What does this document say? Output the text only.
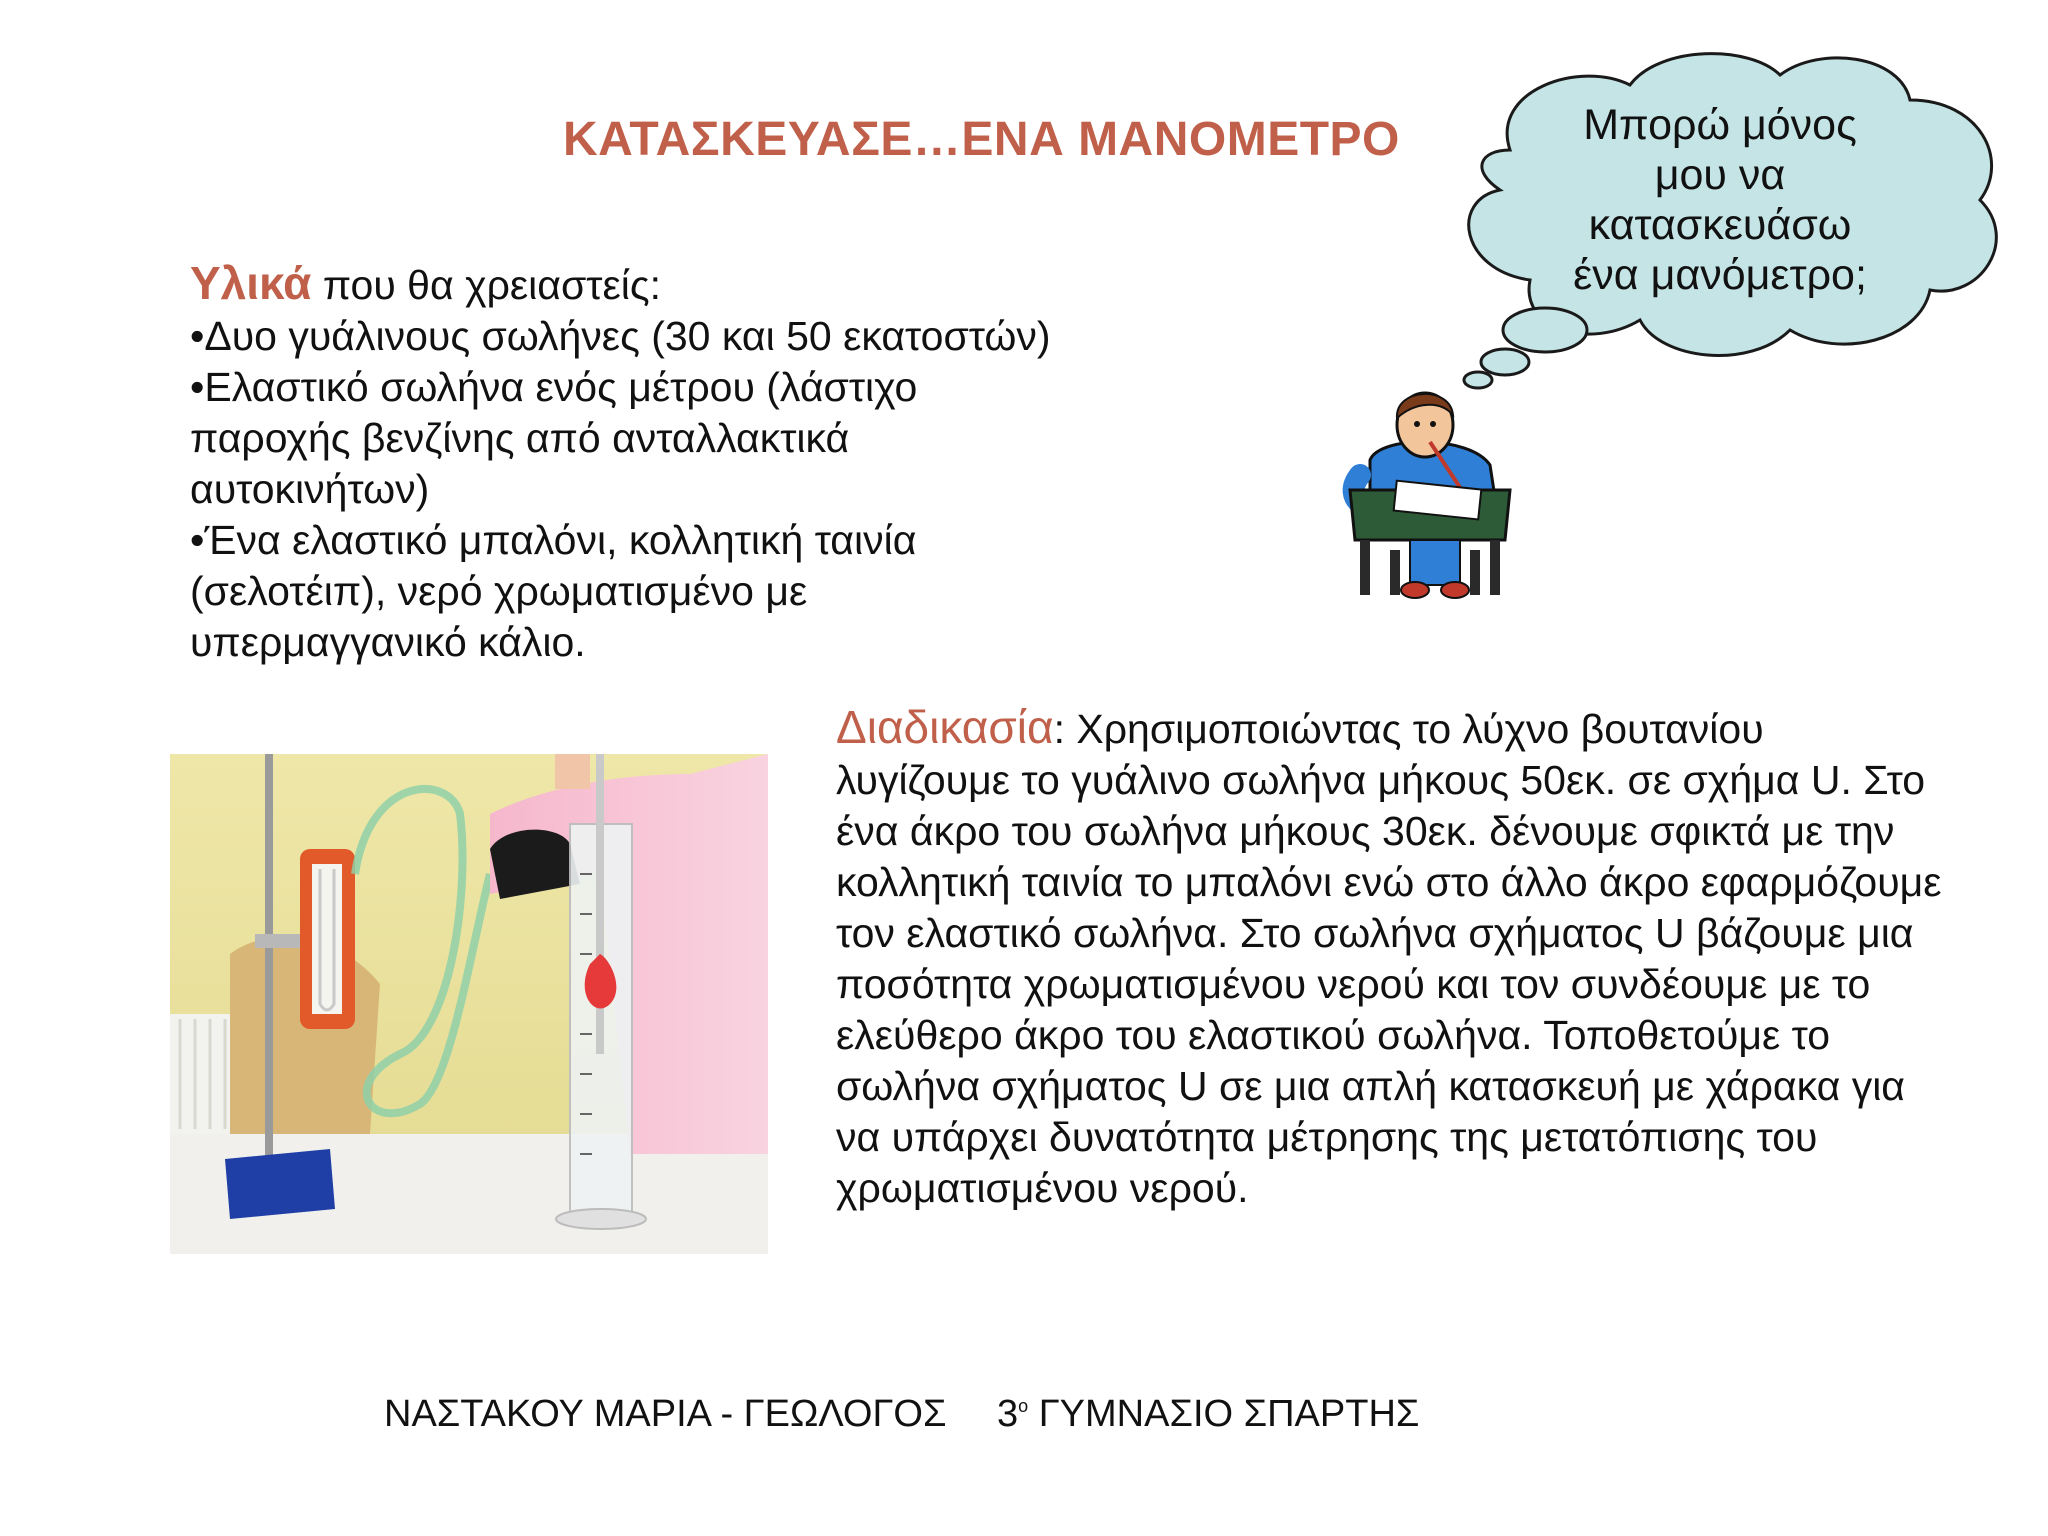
ΚΑΤΑΣΚΕΥΑΣΕ…ΕΝΑ ΜΑΝΟΜΕΤΡΟ	Μπορώ μόνος
μου να
κατασκευάσω
ένα μανόμετρο;

Υλικά που θα χρειαστείς:

•Δυο γυάλινους σωλήνες (30 και 50 εκατοστών)

•Ελαστικό σωλήνα ενός μέτρου (λάστιχο παροχής βενζίνης από ανταλλακτικά αυτοκινήτων)

•Ένα ελαστικό μπαλόνι, κολλητική ταινία (σελοτέιπ), νερό χρωματισμένο με υπερμαγγανικό κάλιο.

Διαδικασία: Χρησιμοποιώντας το λύχνο βουτανίου λυγίζουμε το γυάλινο σωλήνα μήκους 50εκ. σε σχήμα U. Στο ένα άκρο του σωλήνα μήκους 30εκ. δένουμε σφικτά με την κολλητική ταινία το μπαλόνι ενώ στο άλλο άκρο εφαρμόζουμε τον ελαστικό σωλήνα. Στο σωλήνα σχήματος U βάζουμε μια ποσότητα χρωματισμένου νερού και τον συνδέουμε με το ελεύθερο άκρο του ελαστικού σωλήνα. Τοποθετούμε το σωλήνα σχήματος U σε μια απλή κατασκευή με χάρακα για να υπάρχει δυνατότητα μέτρησης της μετατόπισης του χρωματισμένου νερού.
ΝΑΣΤΑΚΟΥ ΜΑΡΙΑ - ΓΕΩΛΟΓΟΣ $3^o$ ΓΥΜΝΑΣΙΟ ΣΠΑΡΤΗΣ
